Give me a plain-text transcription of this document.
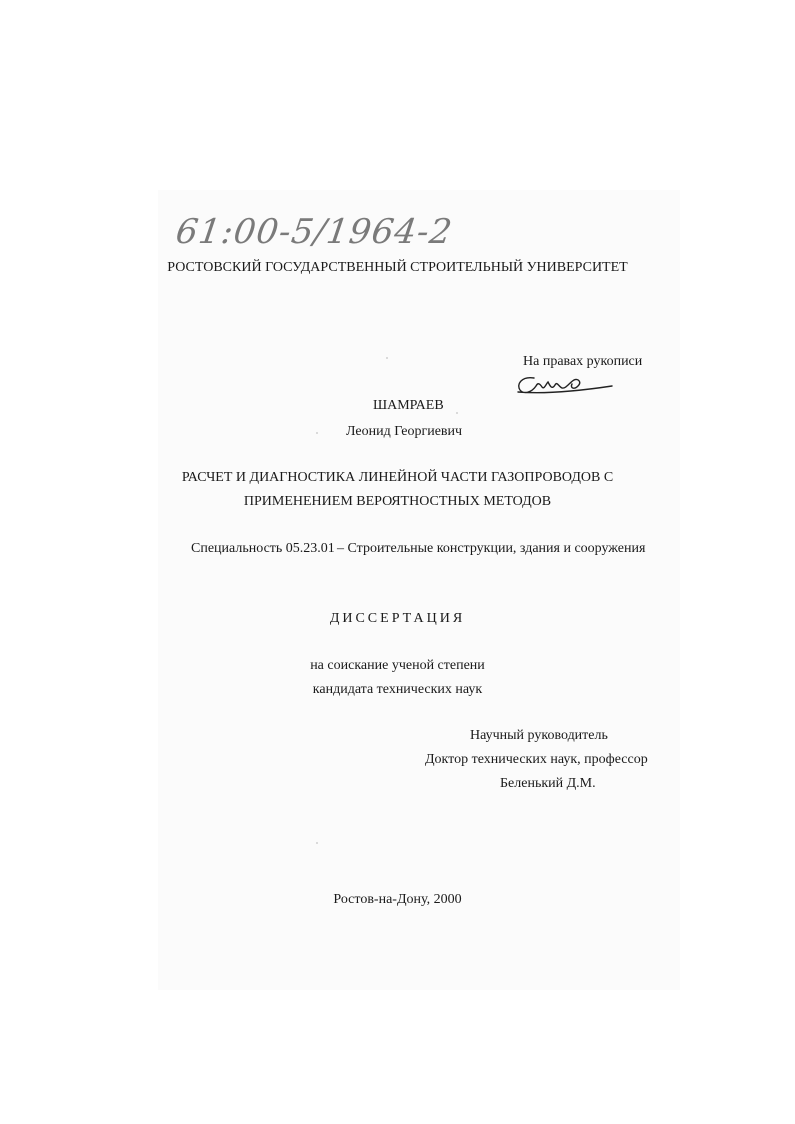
61:00-5/1964-2
РОСТОВСКИЙ ГОСУДАРСТВЕННЫЙ СТРОИТЕЛЬНЫЙ УНИВЕРСИТЕТ
На правах рукописи
ШАМРАЕВ
Леонид Георгиевич
РАСЧЕТ И ДИАГНОСТИКА ЛИНЕЙНОЙ ЧАСТИ ГАЗОПРОВОДОВ С
ПРИМЕНЕНИЕМ ВЕРОЯТНОСТНЫХ МЕТОДОВ
Специальность 05.23.01 – Строительные конструкции, здания и сооружения
ДИССЕРТАЦИЯ
на соискание ученой степени
кандидата технических наук
Научный руководитель
Доктор технических наук, профессор
Беленький Д.М.
Ростов-на-Дону, 2000
